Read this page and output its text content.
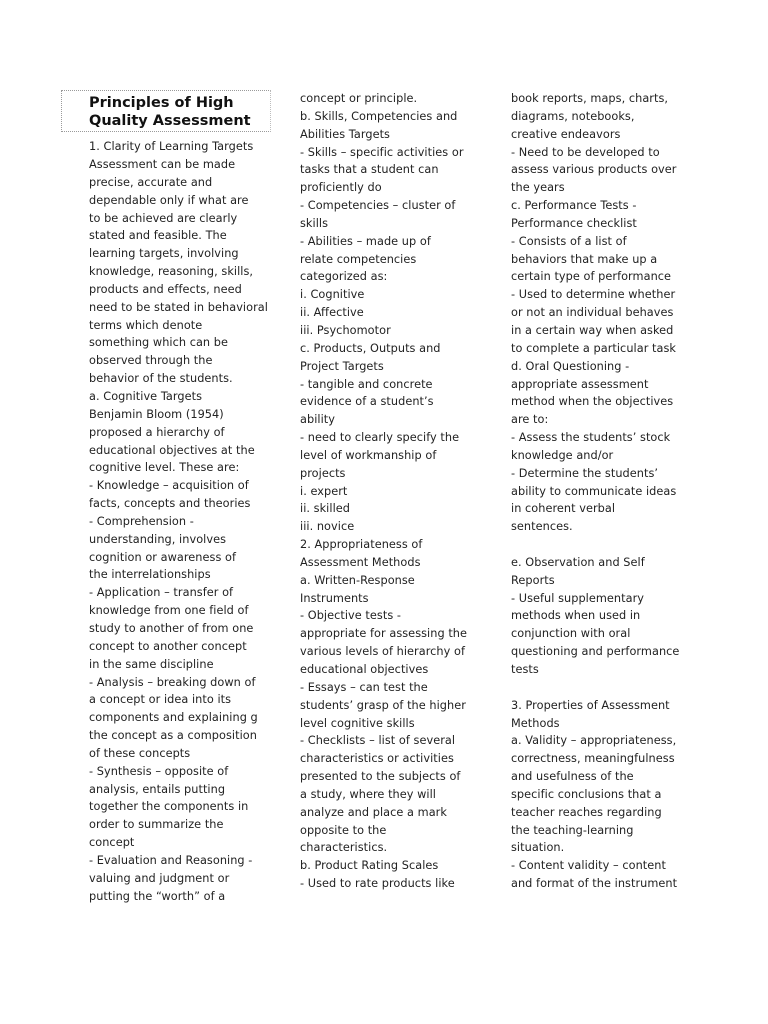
Principles of High
Quality Assessment
1. Clarity of Learning Targets
Assessment can be made
precise, accurate and
dependable only if what are
to be achieved are clearly
stated and feasible. The
learning targets, involving
knowledge, reasoning, skills,
products and effects, need
need to be stated in behavioral
terms which denote
something which can be
observed through the
behavior of the students.
a. Cognitive Targets
Benjamin Bloom (1954)
proposed a hierarchy of
educational objectives at the
cognitive level. These are:
- Knowledge – acquisition of
facts, concepts and theories
- Comprehension -
understanding, involves
cognition or awareness of
the interrelationships
- Application – transfer of
knowledge from one field of
study to another of from one
concept to another concept
in the same discipline
- Analysis – breaking down of
a concept or idea into its
components and explaining g
the concept as a composition
of these concepts
- Synthesis – opposite of
analysis, entails putting
together the components in
order to summarize the
concept
- Evaluation and Reasoning -
valuing and judgment or
putting the “worth” of a
concept or principle.
b. Skills, Competencies and
Abilities Targets
- Skills – specific activities or
tasks that a student can
proficiently do
- Competencies – cluster of
skills
- Abilities – made up of
relate competencies
categorized as:
i. Cognitive
ii. Affective
iii. Psychomotor
c. Products, Outputs and
Project Targets
- tangible and concrete
evidence of a student’s
ability
- need to clearly specify the
level of workmanship of
projects
i. expert
ii. skilled
iii. novice
2. Appropriateness of
Assessment Methods
a. Written-Response
Instruments
- Objective tests -
appropriate for assessing the
various levels of hierarchy of
educational objectives
- Essays – can test the
students’ grasp of the higher
level cognitive skills
- Checklists – list of several
characteristics or activities
presented to the subjects of
a study, where they will
analyze and place a mark
opposite to the
characteristics.
b. Product Rating Scales
- Used to rate products like
book reports, maps, charts,
diagrams, notebooks,
creative endeavors
- Need to be developed to
assess various products over
the years
c. Performance Tests -
Performance checklist
- Consists of a list of
behaviors that make up a
certain type of performance
- Used to determine whether
or not an individual behaves
in a certain way when asked
to complete a particular task
d. Oral Questioning -
appropriate assessment
method when the objectives
are to:
- Assess the students’ stock
knowledge and/or
- Determine the students’
ability to communicate ideas
in coherent verbal
sentences.
e. Observation and Self
Reports
- Useful supplementary
methods when used in
conjunction with oral
questioning and performance
tests
3. Properties of Assessment
Methods
a. Validity – appropriateness,
correctness, meaningfulness
and usefulness of the
specific conclusions that a
teacher reaches regarding
the teaching-learning
situation.
- Content validity – content
and format of the instrument
